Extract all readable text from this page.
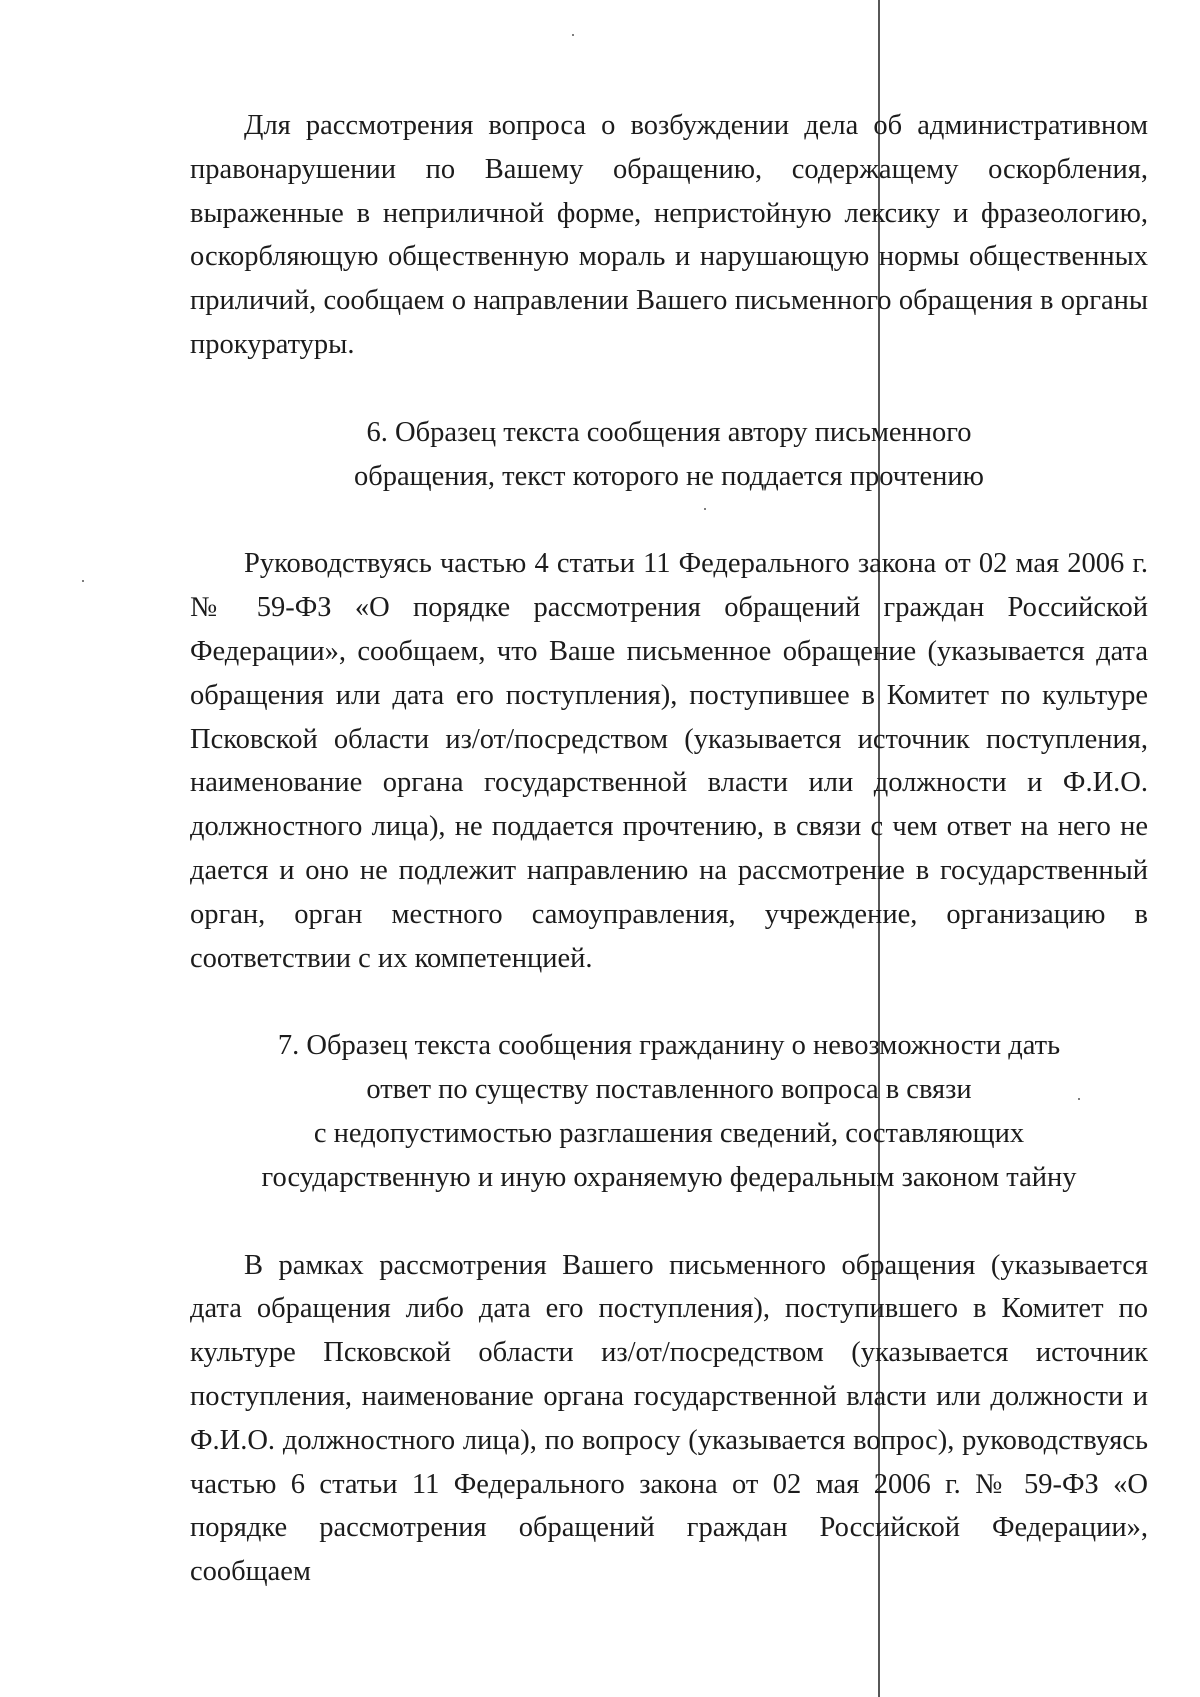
Для рассмотрения вопроса о возбуждении дела об административном правонарушении по Вашему обращению, содержащему оскорбления, выраженные в неприличной форме, непристойную лексику и фразеологию, оскорбляющую общественную мораль и нарушающую нормы общественных приличий, сообщаем о направлении Вашего письменного обращения в органы прокуратуры.

6. Образец текста сообщения автору письменного
обращения, текст которого не поддается прочтению

Руководствуясь частью 4 статьи 11 Федерального закона от 02 мая 2006 г. № 59-ФЗ «О порядке рассмотрения обращений граждан Российской Федерации», сообщаем, что Ваше письменное обращение (указывается дата обращения или дата его поступления), поступившее в Комитет по культуре Псковской области из/от/посредством (указывается источник поступления, наименование органа государственной власти или должности и Ф.И.О. должностного лица), не поддается прочтению, в связи с чем ответ на него не дается и оно не подлежит направлению на рассмотрение в государственный орган, орган местного самоуправления, учреждение, организацию в соответствии с их компетенцией.

7. Образец текста сообщения гражданину о невозможности дать
ответ по существу поставленного вопроса в связи
с недопустимостью разглашения сведений, составляющих
государственную и иную охраняемую федеральным законом тайну

В рамках рассмотрения Вашего письменного обращения (указывается дата обращения либо дата его поступления), поступившего в Комитет по культуре Псковской области из/от/посредством (указывается источник поступления, наименование органа государственной власти или должности и Ф.И.О. должностного лица), по вопросу (указывается вопрос), руководствуясь частью 6 статьи 11 Федерального закона от 02 мая 2006 г. № 59-ФЗ «О порядке рассмотрения обращений граждан Российской Федерации», сообщаем
